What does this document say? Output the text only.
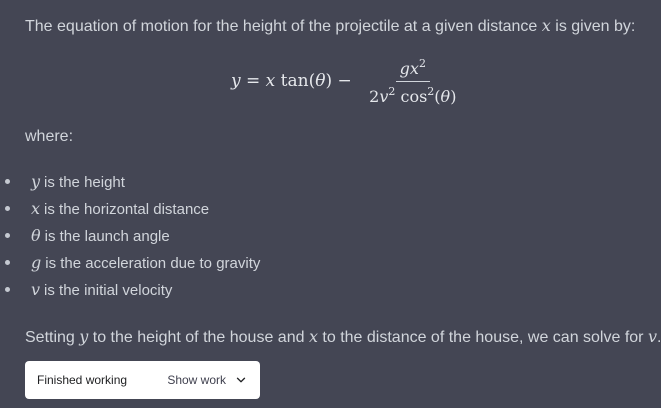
The equation of motion for the height of the projectile at a given distance x is given by:
y = x tan( θ ) − $\frac{gx^2}{2v^2 \cos^2(\theta)}$
where:
y is the height
x is the horizontal distance
θ is the launch angle
g is the acceleration due to gravity
v is the initial velocity
Setting y to the height of the house and x to the distance of the house, we can solve for v
Finished working	Show work
